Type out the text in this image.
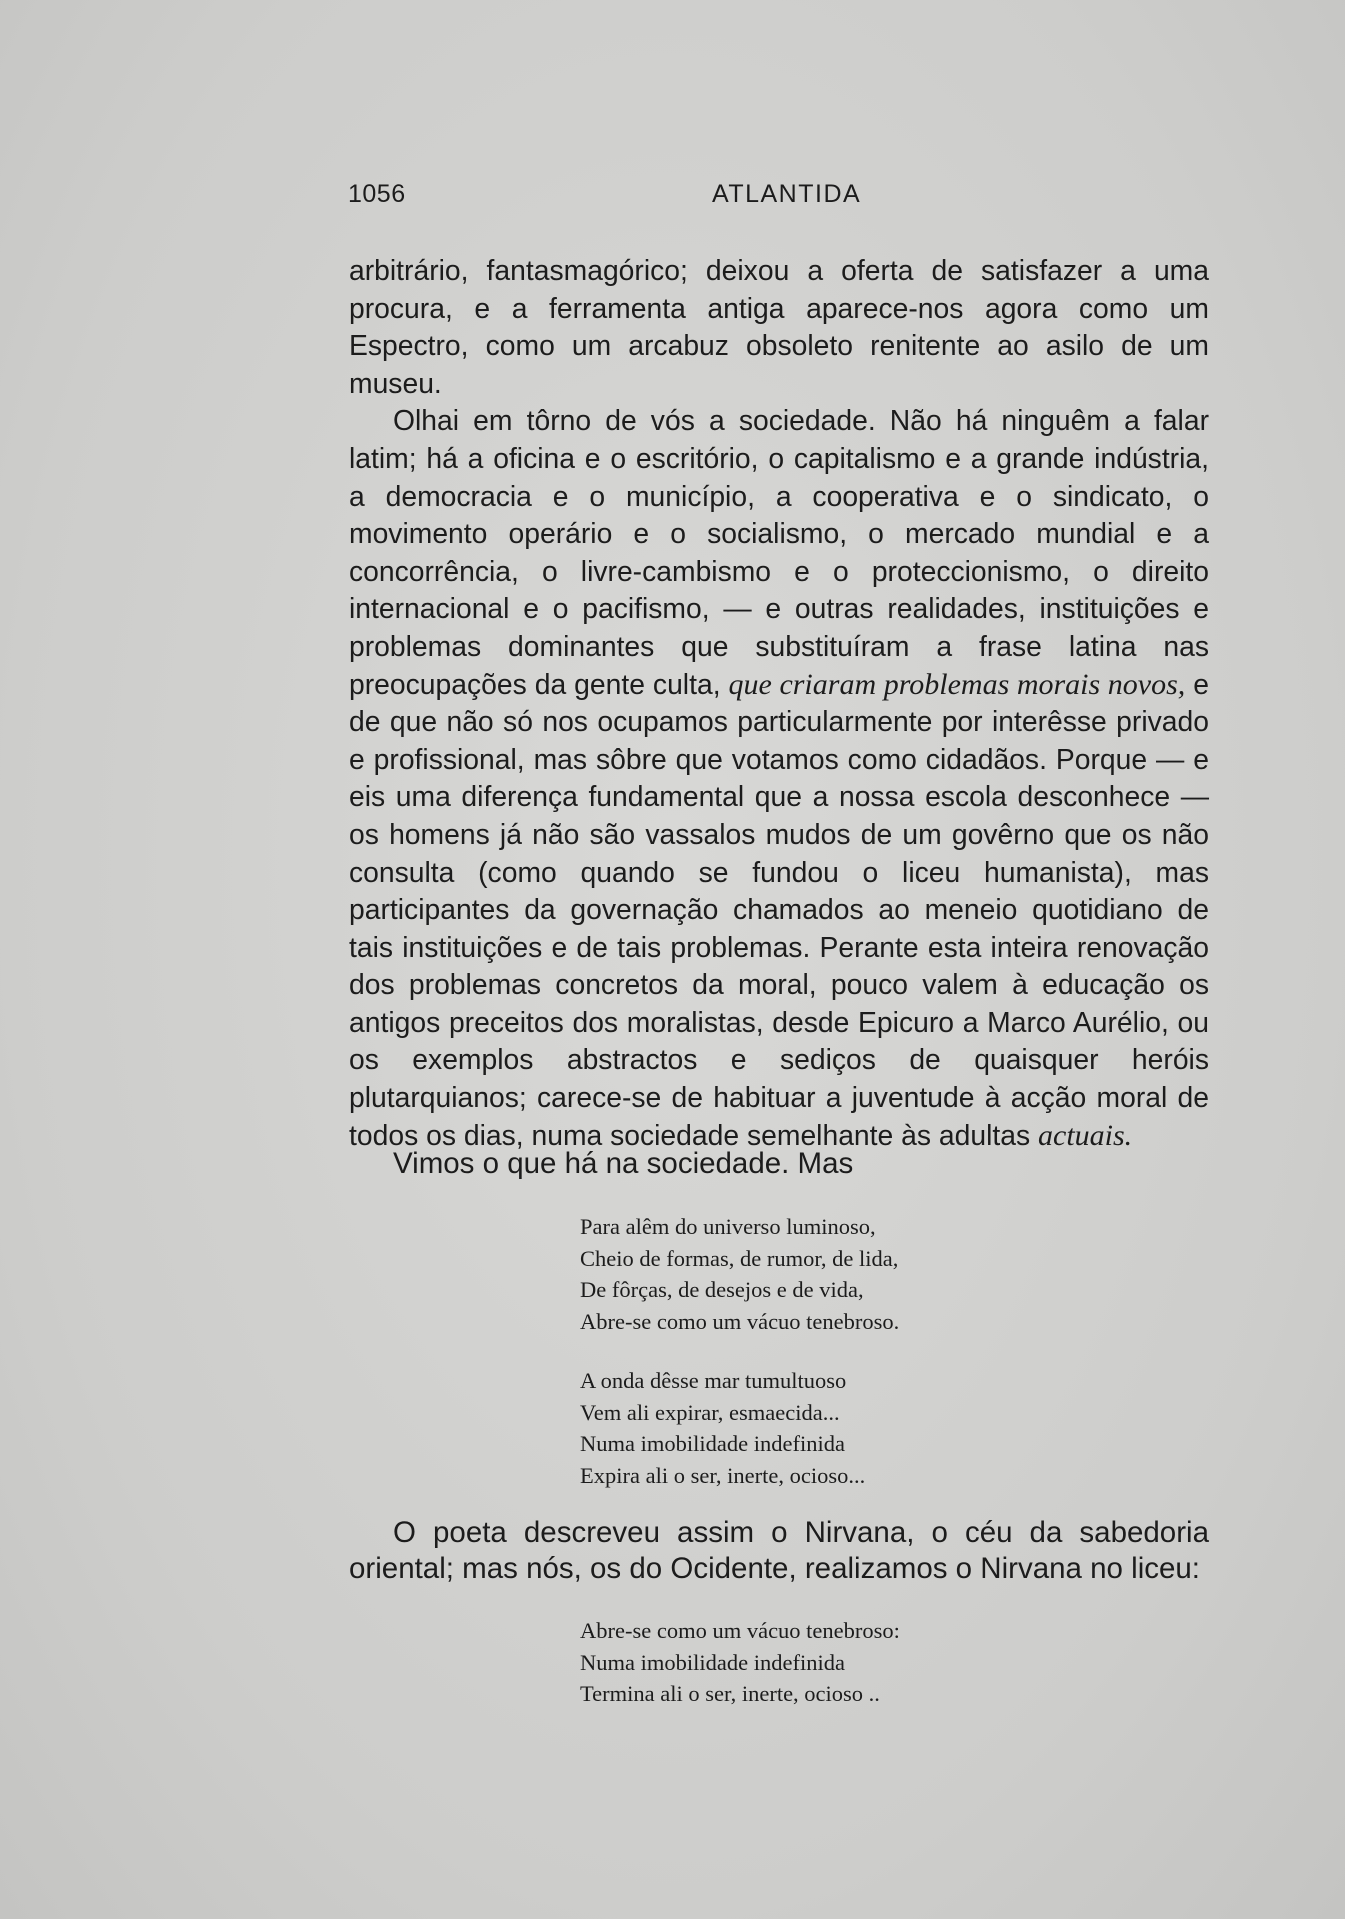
1056	ATLANTIDA

arbitrário, fantasmagórico; deixou a oferta de satisfazer a uma procura, e a ferramenta antiga aparece-nos agora como um Espectro, como um arcabuz obsoleto renitente ao asilo de um museu.

Olhai em tôrno de vós a sociedade. Não há ninguêm a falar latim; há a oficina e o escritório, o capitalismo e a grande indústria, a democracia e o município, a cooperativa e o sindicato, o movimento operário e o socialismo, o mercado mundial e a concorrência, o livre-cambismo e o proteccionismo, o direito internacional e o pacifismo, — e outras realidades, instituições e problemas dominantes que substituíram a frase latina nas preocupações da gente culta, que criaram problemas morais novos, e de que não só nos ocupamos particularmente por interêsse privado e profissional, mas sôbre que votamos como cidadãos. Porque — e eis uma diferença fundamental que a nossa escola desconhece — os homens já não são vassalos mudos de um govêrno que os não consulta (como quando se fundou o liceu humanista), mas participantes da governação chamados ao meneio quotidiano de tais instituições e de tais problemas. Perante esta inteira renovação dos problemas concretos da moral, pouco valem à educação os antigos preceitos dos moralistas, desde Epicuro a Marco Aurélio, ou os exemplos abstractos e sediços de quaisquer heróis plutarquianos; carece-se de habituar a juventude à acção moral de todos os dias, numa sociedade semelhante às adultas actuais.

Vimos o que há na sociedade. Mas

Para alêm do universo luminoso,
Cheio de formas, de rumor, de lida,
De fôrças, de desejos e de vida,
Abre-se como um vácuo tenebroso.
A onda dêsse mar tumultuoso
Vem ali expirar, esmaecida...
Numa imobilidade indefinida
Expira ali o ser, inerte, ocioso...

O poeta descreveu assim o Nirvana, o céu da sabedoria oriental; mas nós, os do Ocidente, realizamos o Nirvana no liceu:

Abre-se como um vácuo tenebroso:
Numa imobilidade indefinida
Termina ali o ser, inerte, ocioso ..
